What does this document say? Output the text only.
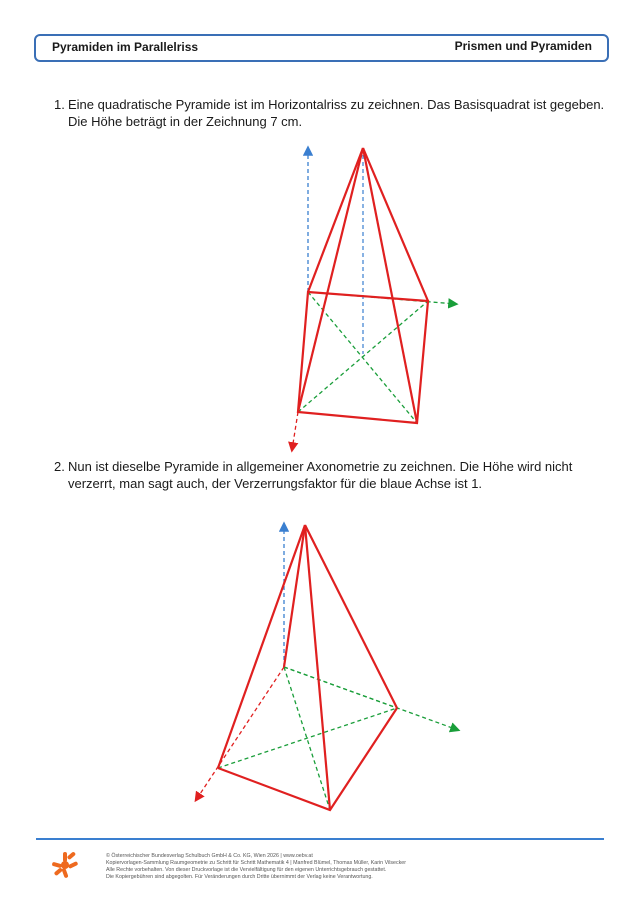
Pyramiden im Parallelriss	Prismen und Pyramiden
1. Eine quadratische Pyramide ist im Horizontalriss zu zeichnen. Das Basisquadrat ist gegeben.
Die Höhe beträgt in der Zeichnung 7 cm.
2. Nun ist dieselbe Pyramide in allgemeiner Axonometrie zu zeichnen. Die Höhe wird nicht
verzerrt, man sagt auch, der Verzerrungsfaktor für die blaue Achse ist 1.
© Österreichischer Bundesverlag Schulbuch GmbH & Co. KG, Wien 2026 | www.oebv.at
Kopiervorlagen-Sammlung Raumgeometrie zu Schritt für Schritt Mathematik 4 | Manfred Blümel, Thomas Müller, Karin Vilsecker
Alle Rechte vorbehalten. Von dieser Druckvorlage ist die Vervielfältigung für den eigenen Unterrichtsgebrauch gestattet.
Die Kopiergebühren sind abgegolten. Für Veränderungen durch Dritte übernimmt der Verlag keine Verantwortung.
